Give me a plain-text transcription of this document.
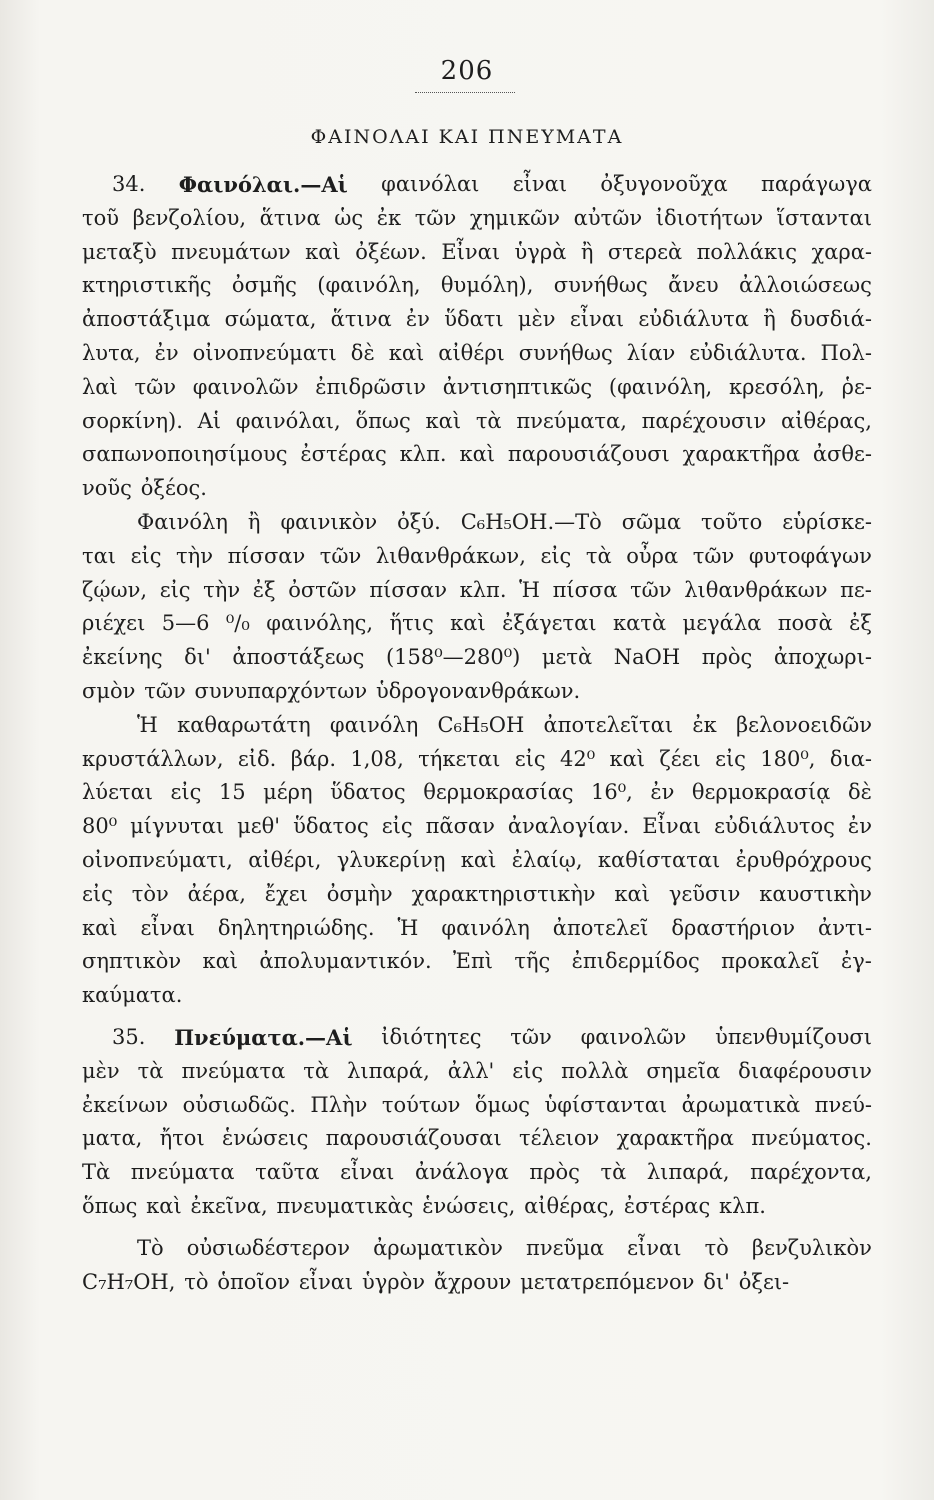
206
ΦΑΙΝΟΛΑΙ ΚΑΙ ΠΝΕΥΜΑΤΑ
34. Φαινόλαι.—Αἱ φαινόλαι εἶναι ὀξυγονοῦχα παράγωγα
τοῦ βενζολίου, ἅτινα ὡς ἐκ τῶν χημικῶν αὐτῶν ἰδιοτήτων ἵστανται
μεταξὺ πνευμάτων καὶ ὀξέων. Εἶναι ὑγρὰ ἢ στερεὰ πολλάκις χαρα-
κτηριστικῆς ὀσμῆς (φαινόλη, θυμόλη), συνήθως ἄνευ ἀλλοιώσεως
ἀποστάξιμα σώματα, ἅτινα ἐν ὕδατι μὲν εἶναι εὐδιάλυτα ἢ δυσδιά-
λυτα, ἐν οἰνοπνεύματι δὲ καὶ αἰθέρι συνήθως λίαν εὐδιάλυτα. Πολ-
λαὶ τῶν φαινολῶν ἐπιδρῶσιν ἀντισηπτικῶς (φαινόλη, κρεσόλη, ῥε-
σορκίνη). Αἱ φαινόλαι, ὅπως καὶ τὰ πνεύματα, παρέχουσιν αἰθέρας,
σαπωνοποιησίμους ἐστέρας κλπ. καὶ παρουσιάζουσι χαρακτῆρα ἀσθε-
νοῦς ὀξέος.
Φαινόλη ἢ φαινικὸν ὀξύ. C₆H₅OH.—Τὸ σῶμα τοῦτο εὑρίσκε-
ται εἰς τὴν πίσσαν τῶν λιθανθράκων, εἰς τὰ οὖρα τῶν φυτοφάγων
ζῴων, εἰς τὴν ἐξ ὀστῶν πίσσαν κλπ. Ἡ πίσσα τῶν λιθανθράκων πε-
ριέχει 5—6 ⁰/₀ φαινόλης, ἥτις καὶ ἐξάγεται κατὰ μεγάλα ποσὰ ἐξ
ἐκείνης δι' ἀποστάξεως (158⁰—280⁰) μετὰ NaOH πρὸς ἀποχωρι-
σμὸν τῶν συνυπαρχόντων ὑδρογονανθράκων.
Ἡ καθαρωτάτη φαινόλη C₆H₅OH ἀποτελεῖται ἐκ βελονοειδῶν
κρυστάλλων, εἰδ. βάρ. 1,08, τήκεται εἰς 42⁰ καὶ ζέει εἰς 180⁰, δια-
λύεται εἰς 15 μέρη ὕδατος θερμοκρασίας 16⁰, ἐν θερμοκρασίᾳ δὲ
80⁰ μίγνυται μεθ' ὕδατος εἰς πᾶσαν ἀναλογίαν. Εἶναι εὐδιάλυτος ἐν
οἰνοπνεύματι, αἰθέρι, γλυκερίνῃ καὶ ἐλαίῳ, καθίσταται ἐρυθρόχρους
εἰς τὸν ἀέρα, ἔχει ὀσμὴν χαρακτηριστικὴν καὶ γεῦσιν καυστικὴν
καὶ εἶναι δηλητηριώδης. Ἡ φαινόλη ἀποτελεῖ δραστήριον ἀντι-
σηπτικὸν καὶ ἀπολυμαντικόν. Ἐπὶ τῆς ἐπιδερμίδος προκαλεῖ ἐγ-
καύματα.
35. Πνεύματα.—Αἱ ἰδιότητες τῶν φαινολῶν ὑπενθυμίζουσι
μὲν τὰ πνεύματα τὰ λιπαρά, ἀλλ' εἰς πολλὰ σημεῖα διαφέρουσιν
ἐκείνων οὐσιωδῶς. Πλὴν τούτων ὅμως ὑφίστανται ἀρωματικὰ πνεύ-
ματα, ἤτοι ἑνώσεις παρουσιάζουσαι τέλειον χαρακτῆρα πνεύματος.
Τὰ πνεύματα ταῦτα εἶναι ἀνάλογα πρὸς τὰ λιπαρά, παρέχοντα,
ὅπως καὶ ἐκεῖνα, πνευματικὰς ἑνώσεις, αἰθέρας, ἐστέρας κλπ.
Τὸ οὐσιωδέστερον ἀρωματικὸν πνεῦμα εἶναι τὸ βενζυλικὸν
C₇H₇OH, τὸ ὁποῖον εἶναι ὑγρὸν ἄχρουν μετατρεπόμενον δι' ὀξει-
